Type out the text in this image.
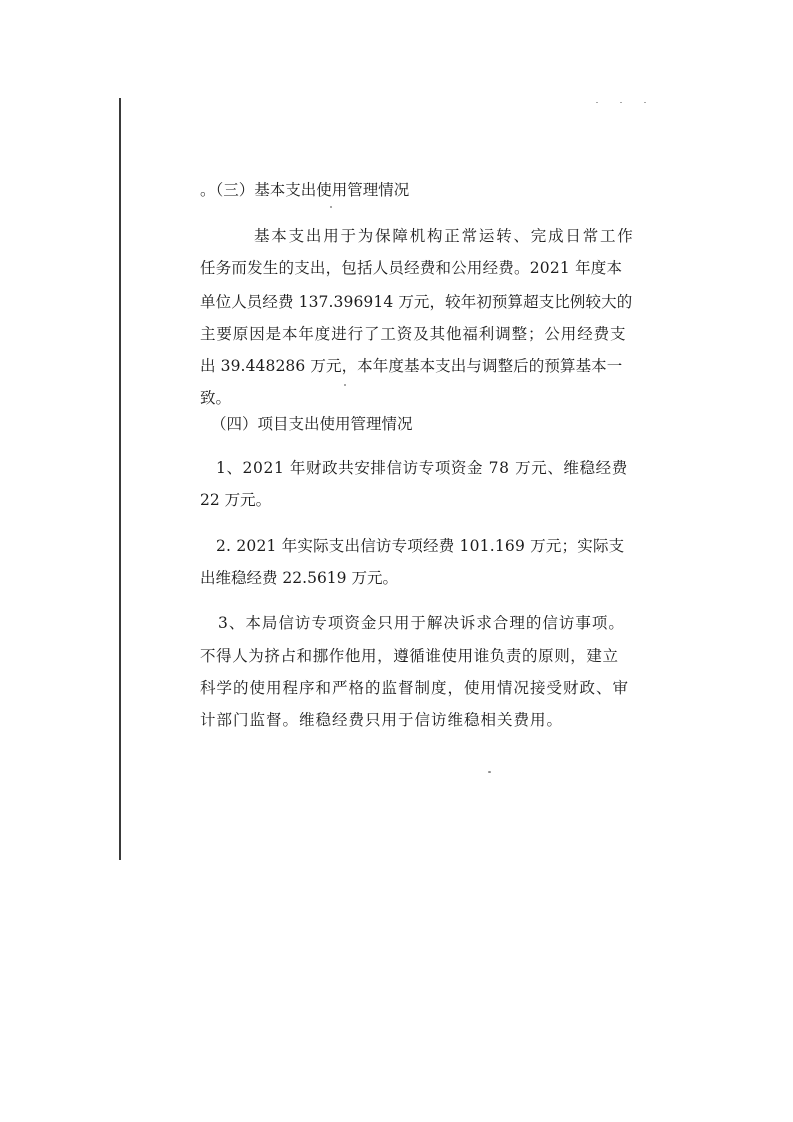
。（三）基本支出使用管理情况
基本支出用于为保障机构正常运转、完成日常工作
任务而发生的支出，包括人员经费和公用经费。2021 年度本
单位人员经费 137.396914 万元，较年初预算超支比例较大的
主要原因是本年度进行了工资及其他福利调整；公用经费支
出 39.448286 万元，本年度基本支出与调整后的预算基本一
致。
（四）项目支出使用管理情况
1、2021 年财政共安排信访专项资金 78 万元、维稳经费
22 万元。
2. 2021 年实际支出信访专项经费 101.169 万元；实际支
出维稳经费 22.5619 万元。
3、本局信访专项资金只用于解决诉求合理的信访事项。
不得人为挤占和挪作他用，遵循谁使用谁负责的原则，建立
科学的使用程序和严格的监督制度，使用情况接受财政、审
计部门监督。维稳经费只用于信访维稳相关费用。
